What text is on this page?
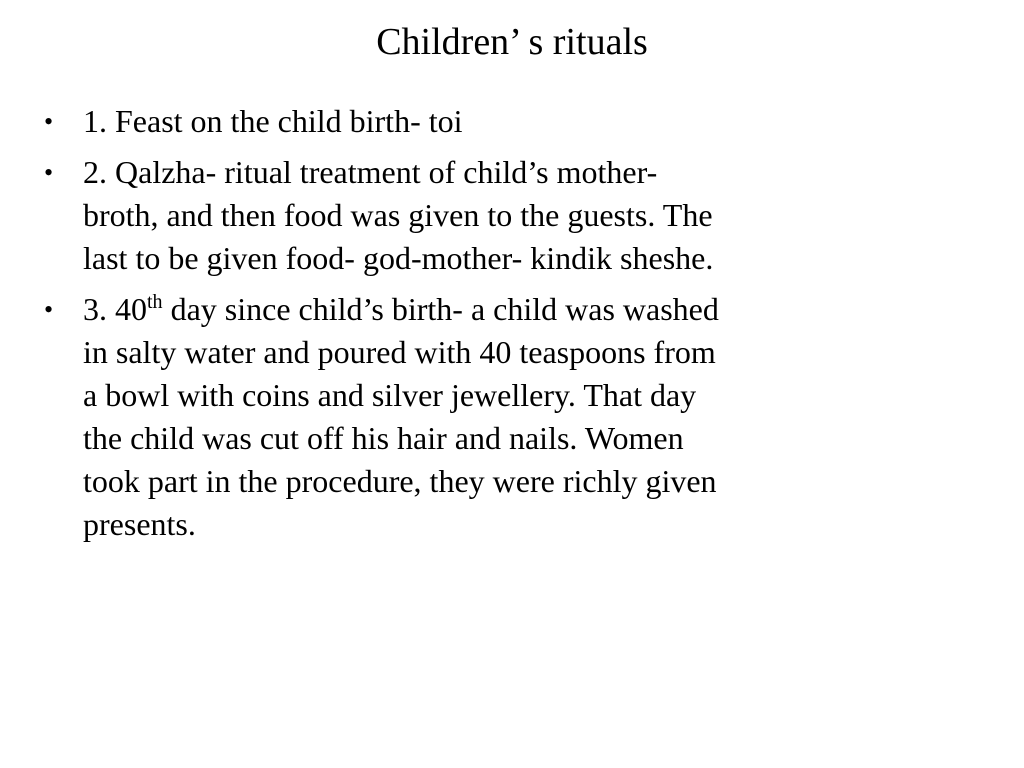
Children’ s rituals
• 1. Feast on the child birth- toi
• 2. Qalzha- ritual treatment of child’s mother-
broth, and then food was given to the guests. The
last to be given food- god-mother- kindik sheshe.
• 3. 40th day since child’s birth- a child was washed
in salty water and poured with 40 teaspoons from
a bowl with coins and silver jewellery. That day
the child was cut off his hair and nails. Women
took part in the procedure, they were richly given
presents.
